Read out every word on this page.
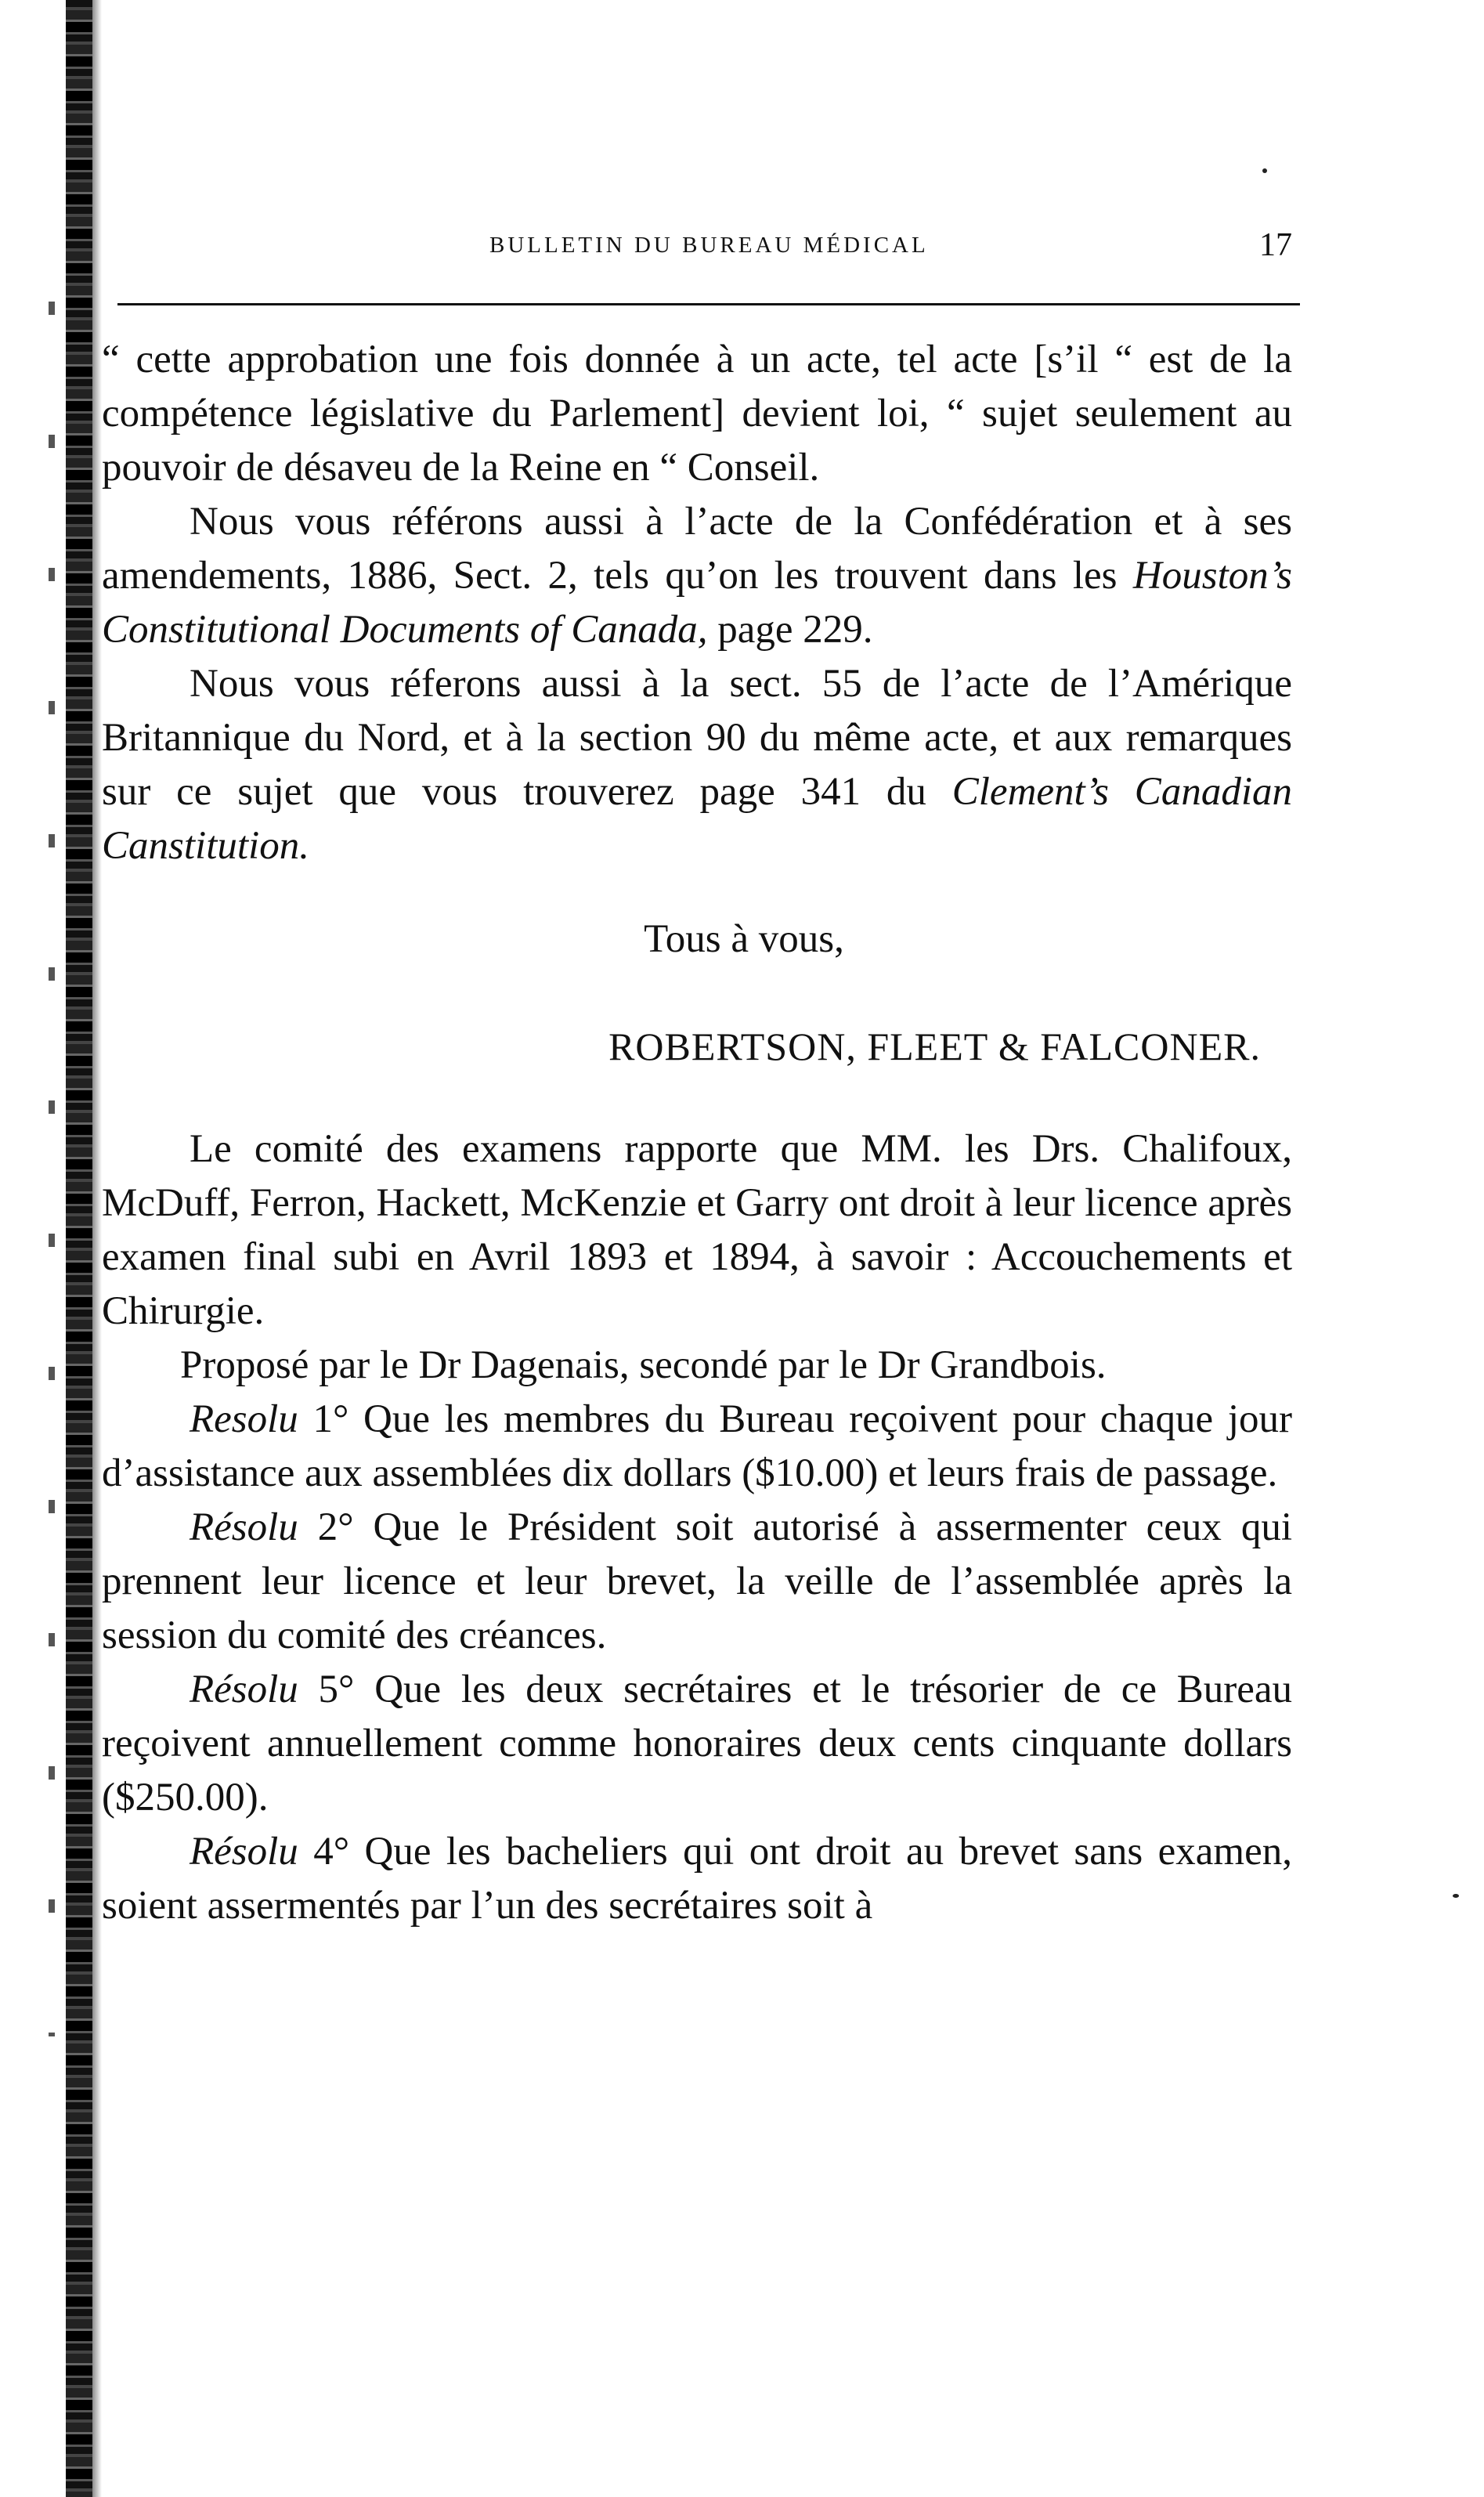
BULLETIN DU BUREAU MÉDICAL	17

“ cette approbation une fois donnée à un acte, tel acte [s’il “ est de la compétence législative du Parlement] devient loi, “ sujet seulement au pouvoir de désaveu de la Reine en “ Conseil.

Nous vous référons aussi à l’acte de la Confédération et à ses amendements, 1886, Sect. 2, tels qu’on les trouvent dans les Houston’s Constitutional Documents of Canada, page 229.

Nous vous réferons aussi à la sect. 55 de l’acte de l’Amérique Britannique du Nord, et à la section 90 du même acte, et aux remarques sur ce sujet que vous trouverez page 341 du Clement’s Canadian Canstitution.

Tous à vous,

ROBERTSON, FLEET & FALCONER.

Le comité des examens rapporte que MM. les Drs. Chalifoux, McDuff, Ferron, Hackett, McKenzie et Garry ont droit à leur licence après examen final subi en Avril 1893 et 1894, à savoir : Accouchements et Chirurgie.

Proposé par le Dr Dagenais, secondé par le Dr Grandbois.

Resolu 1° Que les membres du Bureau reçoivent pour chaque jour d’assistance aux assemblées dix dollars ($10.00) et leurs frais de passage.

Résolu 2° Que le Président soit autorisé à assermenter ceux qui prennent leur licence et leur brevet, la veille de l’assemblée après la session du comité des créances.

Résolu 5° Que les deux secrétaires et le trésorier de ce Bureau reçoivent annuellement comme honoraires deux cents cinquante dollars ($250.00).

Résolu 4° Que les bacheliers qui ont droit au brevet sans examen, soient assermentés par l’un des secrétaires soit à
